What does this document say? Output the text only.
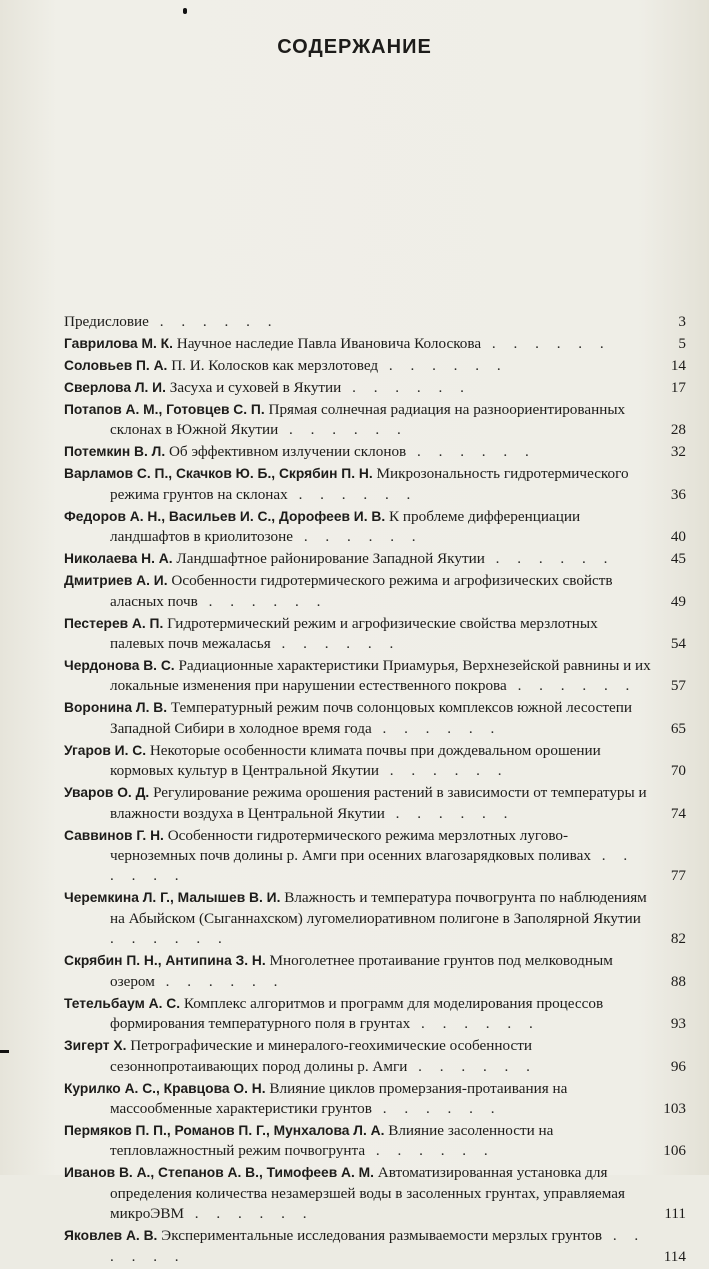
СОДЕРЖАНИЕ
Предисловие . . . . . .	3
Гаврилова М. К. Научное наследие Павла Ивановича Колоскова . . . . . .	5
Соловьев П. А. П. И. Колосков как мерзлотовед . . . . . .	14
Сверлова Л. И. Засуха и суховей в Якутии . . . . . .	17
Потапов А. М., Готовцев С. П. Прямая солнечная радиация на разноориентированных склонах в Южной Якутии . . . . . .	28
Потемкин В. Л. Об эффективном излучении склонов . . . . . .	32
Варламов С. П., Скачков Ю. Б., Скрябин П. Н. Микрозональность гидротермического режима грунтов на склонах . . . . . .	36
Федоров А. Н., Васильев И. С., Дорофеев И. В. К проблеме дифференциации ландшафтов в криолитозоне . . . . . .	40
Николаева Н. А. Ландшафтное районирование Западной Якутии . . . . . .	45
Дмитриев А. И. Особенности гидротермического режима и агрофизических свойств аласных почв . . . . . .	49
Пестерев А. П. Гидротермический режим и агрофизические свойства мерзлотных палевых почв межаласья . . . . . .	54
Чердонова В. С. Радиационные характеристики Приамурья, Верхнезейской равнины и их локальные изменения при нарушении естественного покрова . . . . . .	57
Воронина Л. В. Температурный режим почв солонцовых комплексов южной лесостепи Западной Сибири в холодное время года . . . . . .	65
Угаров И. С. Некоторые особенности климата почвы при дождевальном орошении кормовых культур в Центральной Якутии . . . . . .	70
Уваров О. Д. Регулирование режима орошения растений в зависимости от температуры и влажности воздуха в Центральной Якутии . . . . . .	74
Саввинов Г. Н. Особенности гидротермического режима мерзлотных лугово-черноземных почв долины р. Амги при осенних влагозарядковых поливах . . . . . .	77
Черемкина Л. Г., Малышев В. И. Влажность и температура почвогрунта по наблюдениям на Абыйском (Сыганнахском) лугомелиоративном полигоне в Заполярной Якутии . . . . . .	82
Скрябин П. Н., Антипина З. Н. Многолетнее протаивание грунтов под мелководным озером . . . . . .	88
Тетельбаум А. С. Комплекс алгоритмов и программ для моделирования процессов формирования температурного поля в грунтах . . . . . .	93
Зигерт Х. Петрографические и минералого-геохимические особенности сезоннопротаивающих пород долины р. Амги . . . . . .	96
Курилко А. С., Кравцова О. Н. Влияние циклов промерзания-протаивания на массообменные характеристики грунтов . . . . . .	103
Пермяков П. П., Романов П. Г., Мунхалова Л. А. Влияние засоленности на тепловлажностный режим почвогрунта . . . . . .	106
Иванов В. А., Степанов А. В., Тимофеев А. М. Автоматизированная установка для определения количества незамерзшей воды в засоленных грунтах, управляемая микроЭВМ . . . . . .	111
Яковлев А. В. Экспериментальные исследования размываемости мерзлых грунтов . . . . . .	114
